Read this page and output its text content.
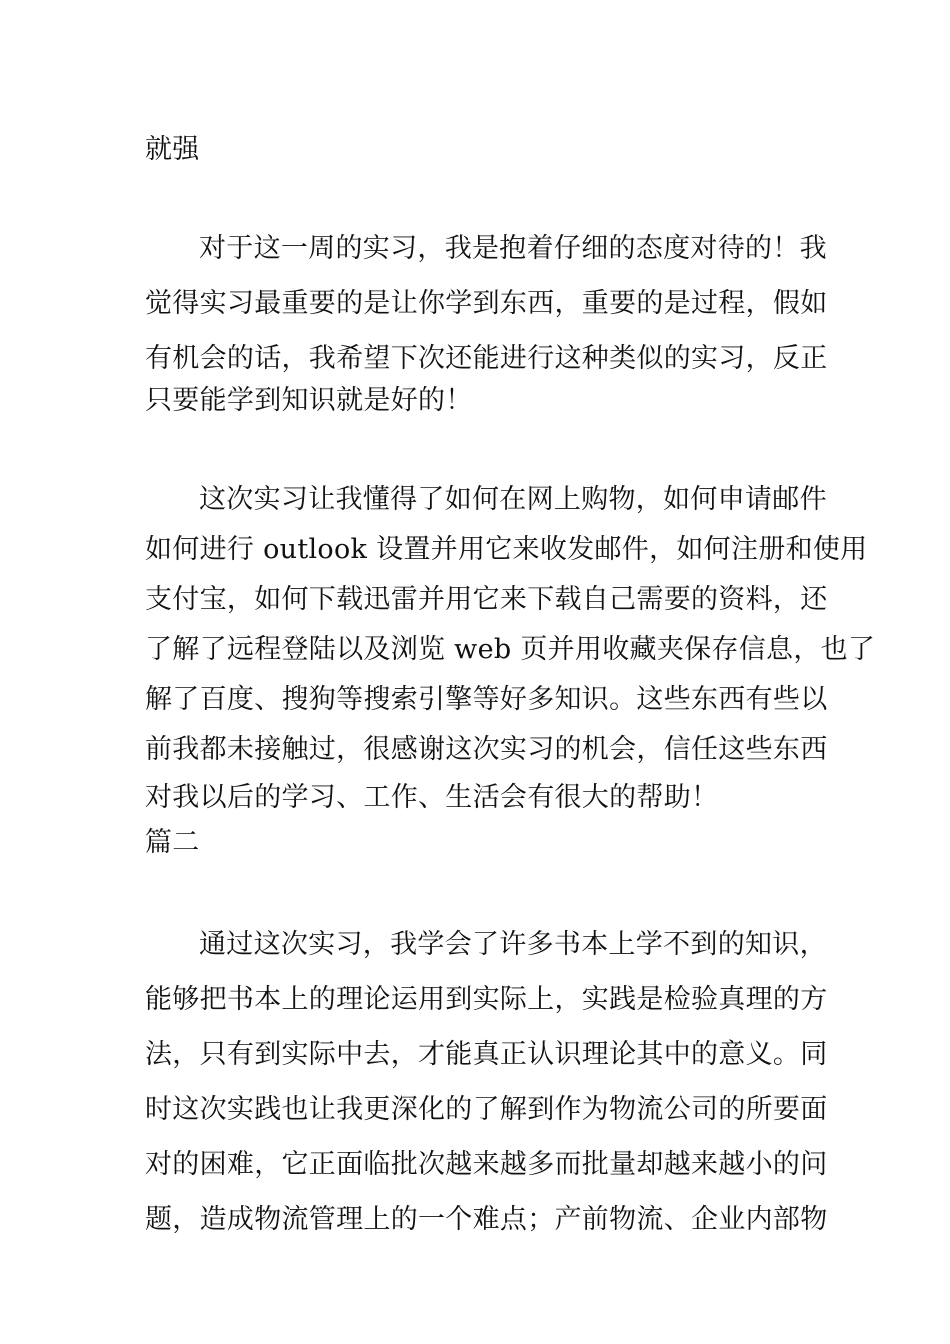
就强
对于这一周的实习，我是抱着仔细的态度对待的！我
觉得实习最重要的是让你学到东西，重要的是过程，假如
有机会的话，我希望下次还能进行这种类似的实习，反正
只要能学到知识就是好的！
这次实习让我懂得了如何在网上购物，如何申请邮件
如何进行 outlook 设置并用它来收发邮件，如何注册和使用
支付宝，如何下载迅雷并用它来下载自己需要的资料，还
了解了远程登陆以及浏览 web 页并用收藏夹保存信息，也了
解了百度、搜狗等搜索引擎等好多知识。这些东西有些以
前我都未接触过，很感谢这次实习的机会，信任这些东西
对我以后的学习、工作、生活会有很大的帮助！
篇二
通过这次实习，我学会了许多书本上学不到的知识，
能够把书本上的理论运用到实际上，实践是检验真理的方
法，只有到实际中去，才能真正认识理论其中的意义。同
时这次实践也让我更深化的了解到作为物流公司的所要面
对的困难，它正面临批次越来越多而批量却越来越小的问
题，造成物流管理上的一个难点；产前物流、企业内部物
